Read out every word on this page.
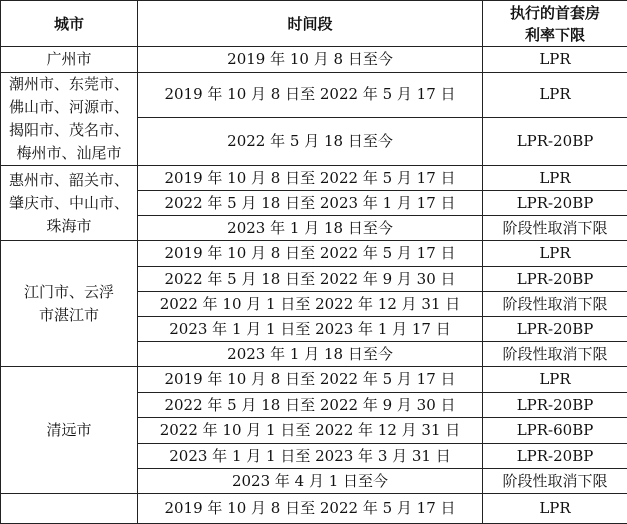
城市	时间段	执行的首套房利率下限
广州市	2019 年 10 月 8 日至今	LPR
潮州市、东莞市、佛山市、河源市、揭阳市、茂名市、梅州市、汕尾市	2019 年 10 月 8 日至 2022 年 5 月 17 日	LPR
	2022 年 5 月 18 日至今	LPR-20BP
惠州市、韶关市、肇庆市、中山市、珠海市	2019 年 10 月 8 日至 2022 年 5 月 17 日	LPR
	2022 年 5 月 18 日至 2023 年 1 月 17 日	LPR-20BP
	2023 年 1 月 18 日至今	阶段性取消下限
江门市、云浮市湛江市	2019 年 10 月 8 日至 2022 年 5 月 17 日	LPR
	2022 年 5 月 18 日至 2022 年 9 月 30 日	LPR-20BP
	2022 年 10 月 1 日至 2022 年 12 月 31 日	阶段性取消下限
	2023 年 1 月 1 日至 2023 年 1 月 17 日	LPR-20BP
	2023 年 1 月 18 日至今	阶段性取消下限
清远市	2019 年 10 月 8 日至 2022 年 5 月 17 日	LPR
	2022 年 5 月 18 日至 2022 年 9 月 30 日	LPR-20BP
	2022 年 10 月 1 日至 2022 年 12 月 31 日	LPR-60BP
	2023 年 1 月 1 日至 2023 年 3 月 31 日	LPR-20BP
	2023 年 4 月 1 日至今	阶段性取消下限
	2019 年 10 月 8 日至 2022 年 5 月 17 日	LPR
